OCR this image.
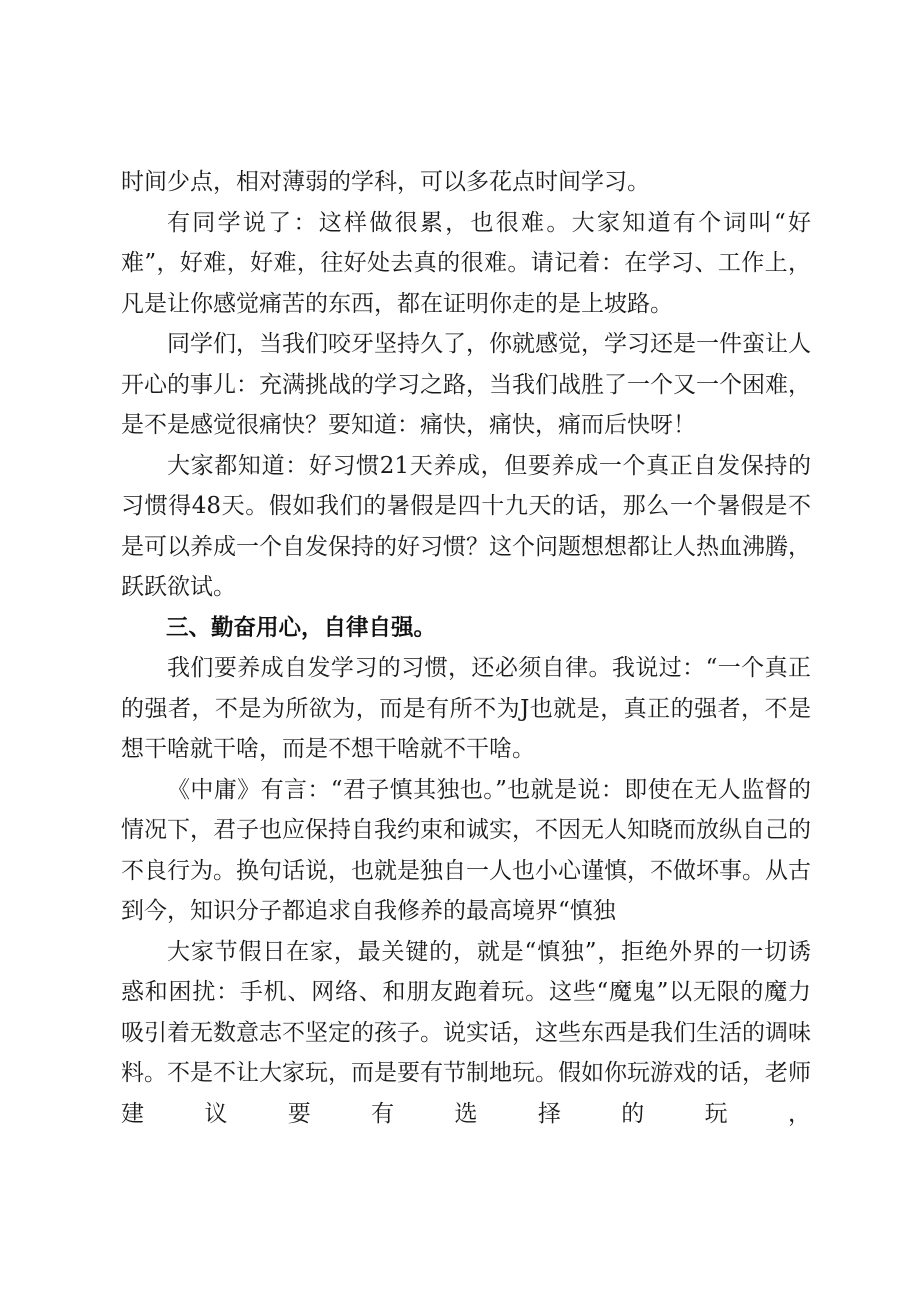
时间少点，相对薄弱的学科，可以多花点时间学习。

有同学说了：这样做很累，也很难。大家知道有个词叫“好难”，好难，好难，往好处去真的很难。请记着：在学习、工作上，凡是让你感觉痛苦的东西，都在证明你走的是上坡路。

同学们，当我们咬牙坚持久了，你就感觉，学习还是一件蛮让人开心的事儿：充满挑战的学习之路，当我们战胜了一个又一个困难，是不是感觉很痛快？要知道：痛快，痛快，痛而后快呀！

大家都知道：好习惯21天养成，但要养成一个真正自发保持的习惯得48天。假如我们的暑假是四十九天的话，那么一个暑假是不是可以养成一个自发保持的好习惯？这个问题想想都让人热血沸腾，跃跃欲试。

三、勤奋用心，自律自强。

我们要养成自发学习的习惯，还必须自律。我说过：“一个真正的强者，不是为所欲为，而是有所不为J也就是，真正的强者，不是想干啥就干啥，而是不想干啥就不干啥。

《中庸》有言：“君子慎其独也。”也就是说：即使在无人监督的情况下，君子也应保持自我约束和诚实，不因无人知晓而放纵自己的不良行为。换句话说，也就是独自一人也小心谨慎，不做坏事。从古到今，知识分子都追求自我修养的最高境界“慎独

大家节假日在家，最关键的，就是“慎独”，拒绝外界的一切诱惑和困扰：手机、网络、和朋友跑着玩。这些“魔鬼”以无限的魔力吸引着无数意志不坚定的孩子。说实话，这些东西是我们生活的调味料。不是不让大家玩，而是要有节制地玩。假如你玩游戏的话，老师建议要有选择的玩，
